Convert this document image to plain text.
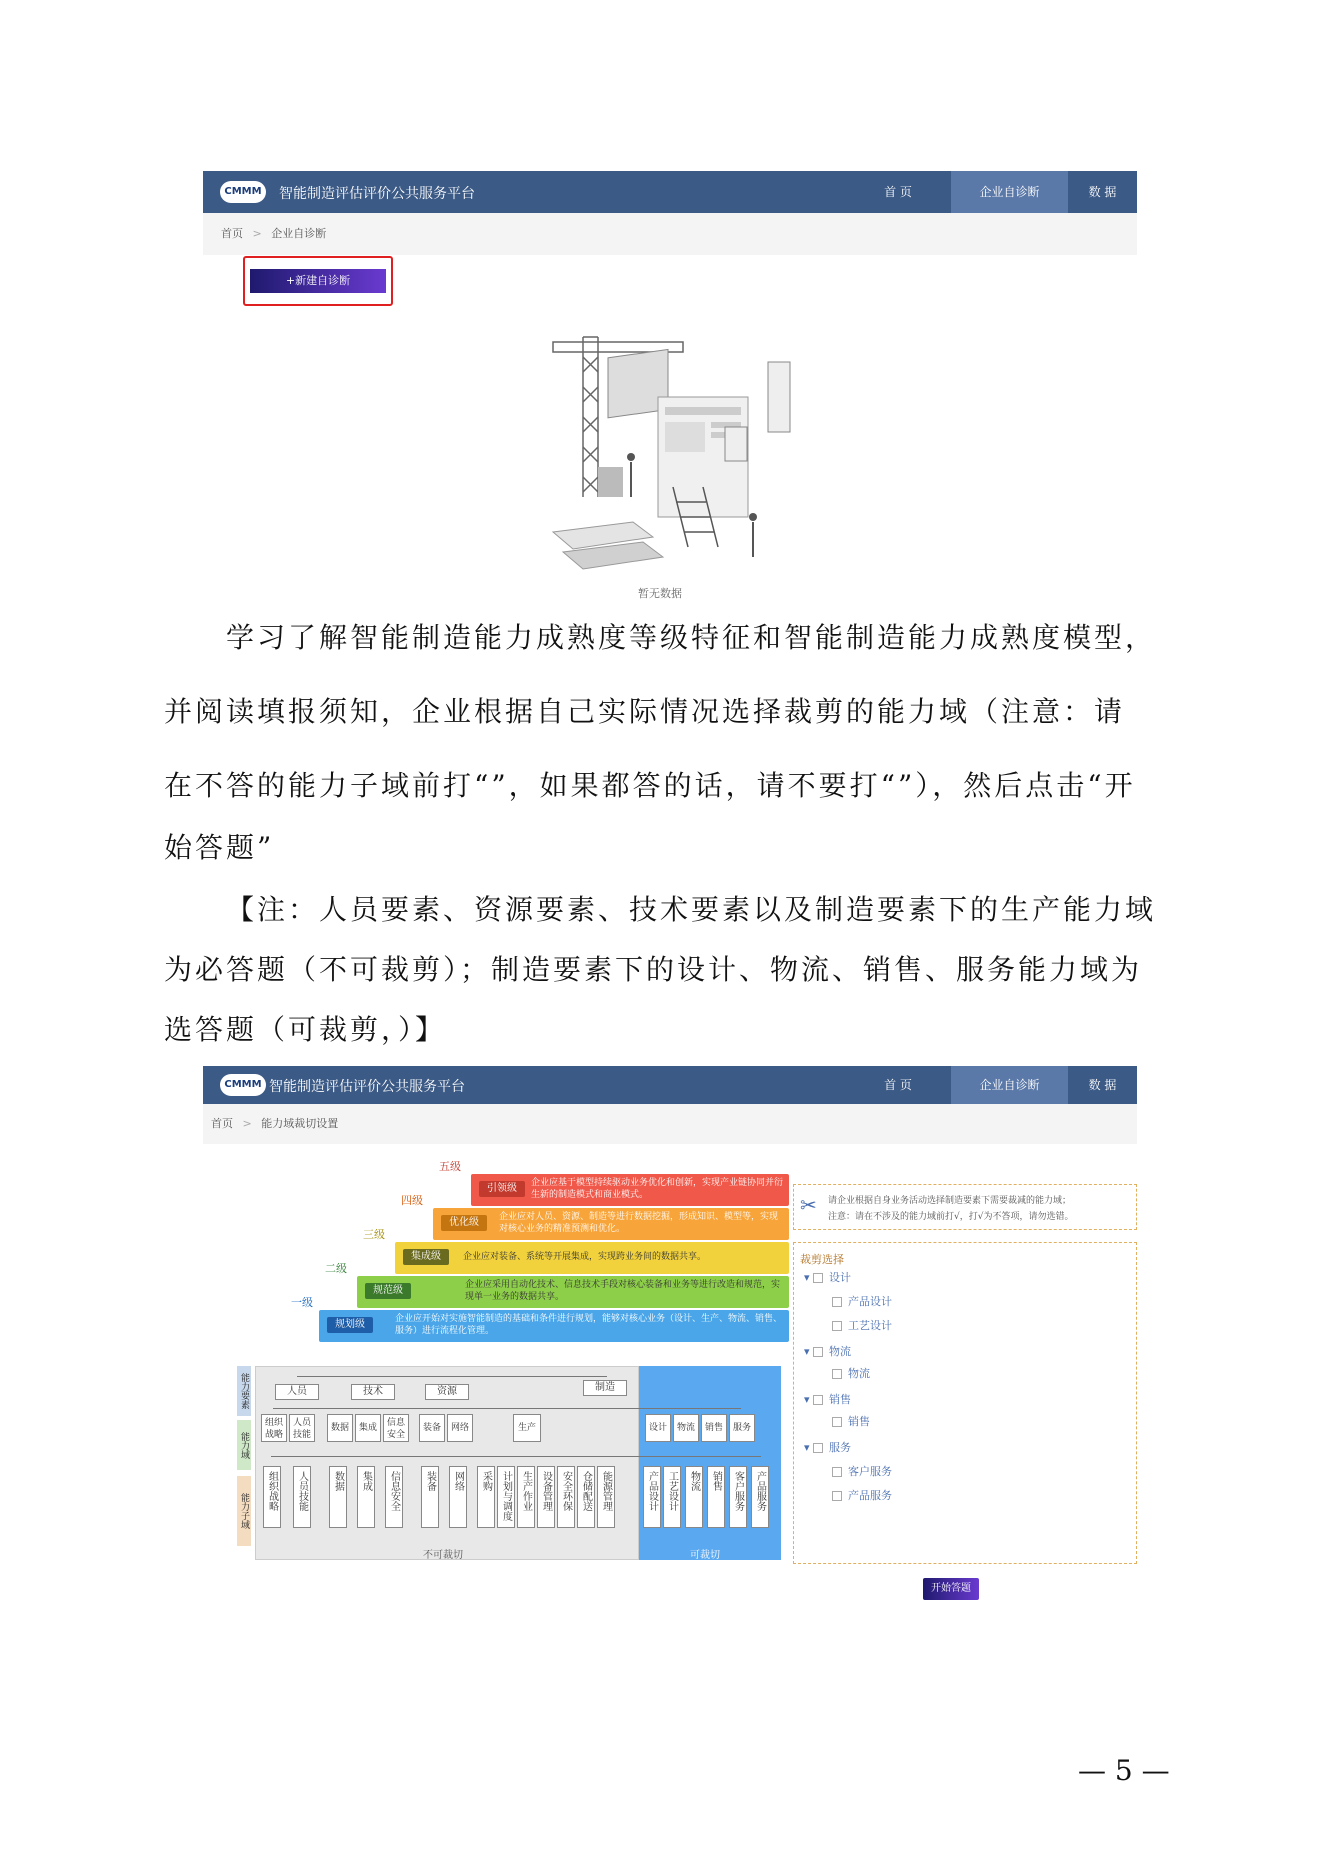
CMMM	智能制造评估评价公共服务平台	首 页	企业自诊断	数 据
首页 > 企业自诊断
+新建自诊断
暂无数据
学习了解智能制造能力成熟度等级特征和智能制造能力成熟度模型，
并阅读填报须知，企业根据自己实际情况选择裁剪的能力域（注意：请
在不答的能力子域前打“”，如果都答的话，请不要打“”），然后点击“开
始答题”
【注：人员要素、资源要素、技术要素以及制造要素下的生产能力域
为必答题（不可裁剪）；制造要素下的设计、物流、销售、服务能力域为
选答题（可裁剪，）】
CMMM 智能制造评估评价公共服务平台	首 页	企业自诊断	数 据
首页 > 能力域裁切设置
引领级	企业应基于模型持续驱动业务优化和创新，实现产业链协同并衍生新的制造模式和商业模式。
优化级	企业应对人员、资源、制造等进行数据挖掘，形成知识、模型等，实现对核心业务的精准预测和优化。
集成级	企业应对装备、系统等开展集成，实现跨业务间的数据共享。
规范级	企业应采用自动化技术、信息技术手段对核心装备和业务等进行改造和规范，实现单一业务的数据共享。
规划级	企业应开始对实施智能制造的基础和条件进行规划，能够对核心业务（设计、生产、物流、销售、服务）进行流程化管理。
五级
四级
三级
二级
一级
✂ 请企业根据自身业务活动选择制造要素下需要裁减的能力域；
注意：请在不涉及的能力域前打√，打√为不答项，请勿选错。
裁剪选择
▾ 设计
产品设计
工艺设计
▾ 物流
物流
▾ 销售
销售
▾ 服务
客户服务
产品服务
能力要素
能力域
能力子域
不可裁切	可裁切
人员	技术	资源	制造
组织战略
人员技能
数据	集成	信息安全
装备	网络	生产	设计	物流	销售	服务
组织战略	人员技能	数据	集成	信息安全	装备	网络	采购 计划与调度 生产作业 设备管理 安全环保 仓储配送 能源管理	产品设计 工艺设计	物流	销售	客户服务	产品服务
开始答题
— 5 —
